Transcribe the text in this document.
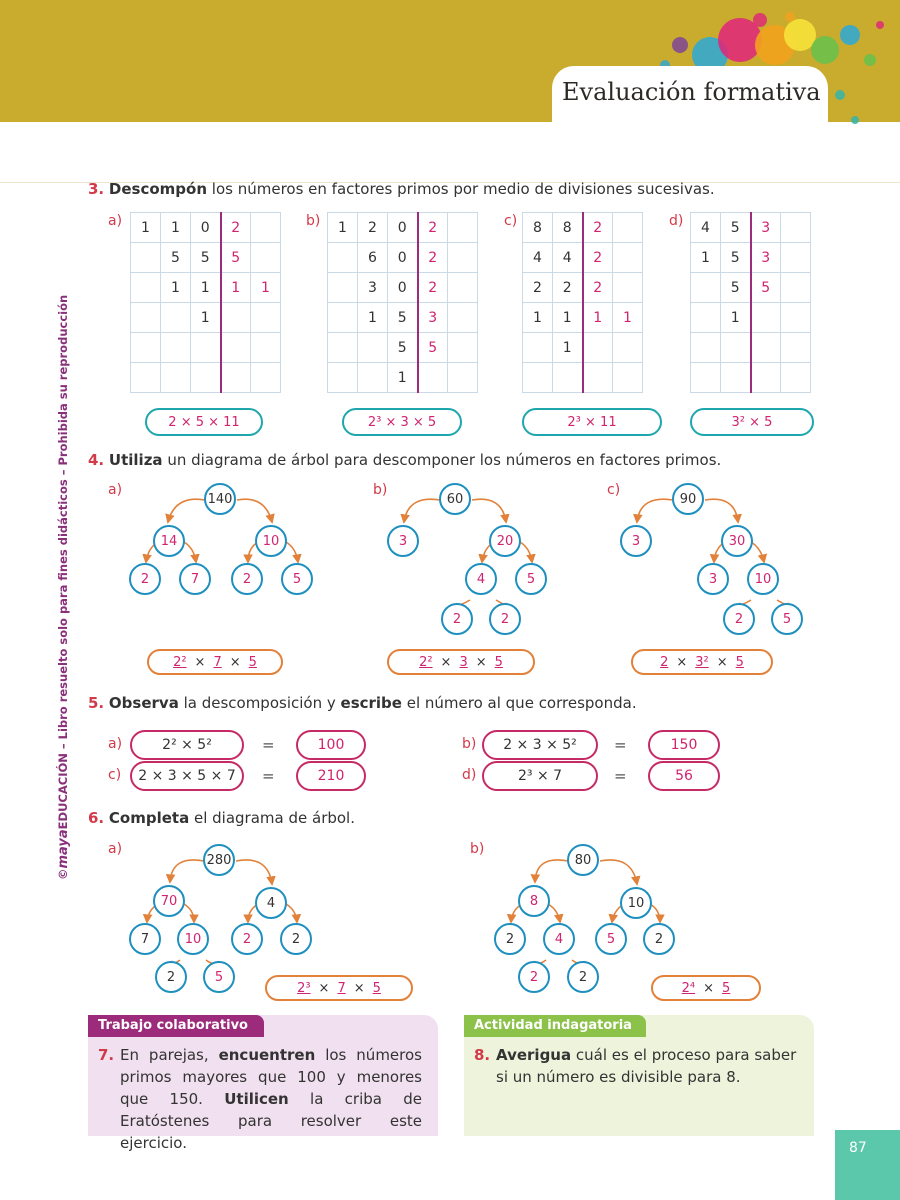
Evaluación formativa
©mayaEDUCACIÓN – Libro resuelto solo para fines didácticos – Prohibida su reproducción
3. Descompón los números en factores primos por medio de divisiones sucesivas.
a) 1	1	0	2	
	5	5	5	
	1	1	1	1
		1		

2 × 5 × 11
b) 1	2	0	2	
	6	0	2	
	3	0	2	
	1	5	3	
		5	5	
		1		
2³ × 3 × 5
c) 8	8	2	
4	4	2	
2	2	2	
1	1	1	1
	1		

2³ × 11
d) 4	5	3	
1	5	3	
	5	5	
	1		

3² × 5
4. Utiliza un diagrama de árbol para descomponer los números en factores primos.
a)	b)	c)
2² × 7 × 5	2² × 3 × 5	2 × 3² × 5
5. Observa la descomposición y escribe el número al que corresponda.
a)	2² × 5²	=	100	b)	2 × 3 × 5²	=	150
c)	2 × 3 × 5 × 7	=	210	d)	2³ × 7	=	56
6. Completa el diagrama de árbol.
a)	b)
2³ × 7 × 5	2⁴ × 5
Trabajo colaborativo
7. En parejas, encuentren los números primos mayores que 100 y menores que 150. Utilicen la criba de Eratóstenes para resolver este ejercicio.
Actividad indagatoria
8. Averigua cuál es el proceso para saber si un número es divisible para 8.
87
140
14	10
2	7	2	5
60
3	20
4	5
2	2
90
3	30
3	10
2	5
280
70	4
7	10	2	2
2	5
80
8	10
2	4	5	2
2	2
